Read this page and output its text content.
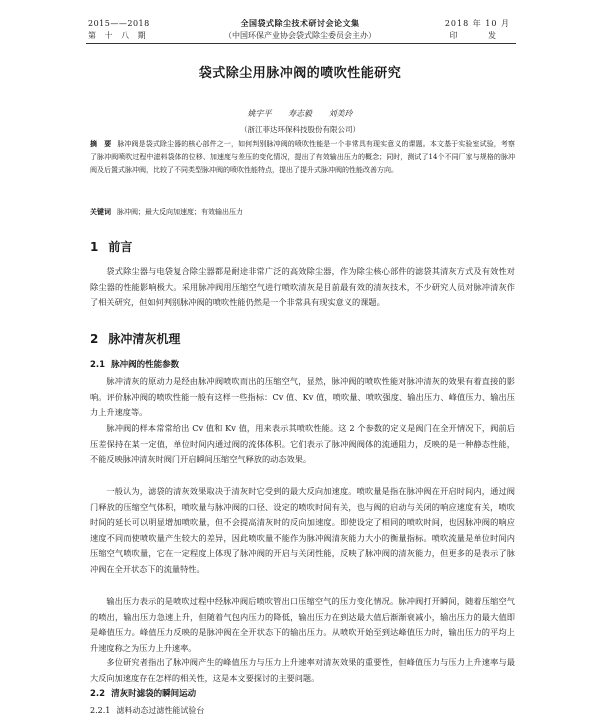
2015——2018
第 十 八 期
全国袋式除尘技术研讨会论文集
（中国环保产业协会袋式除尘委员会主办）
2018 年 10 月
印 发
袋式除尘用脉冲阀的喷吹性能研究
姚宇平 寿志毅 刘美玲
（浙江菲达环保科技股份有限公司）
摘　要 脉冲阀是袋式除尘器的核心部件之一，如何判别脉冲阀的喷吹性能是一个非常具有现实意义的课题。本文基于实验室试验，考察了脉冲阀喷吹过程中滤料袋体的位移、加速度与差压的变化情况，提出了有效输出压力的概念；同时，测试了14个不同厂家与规格的脉冲阀及后置式脉冲阀，比较了不同类型脉冲阀的喷吹性能特点，提出了提升式脉冲阀的性能改善方向。
关键词 脉冲阀；最大反向加速度；有效输出压力
1 前言

袋式除尘器与电袋复合除尘器都是耐途非常广泛的高效除尘器，作为除尘核心部件的滤袋其清灰方式及有效性对除尘器的性能影响极大。采用脉冲阀用压缩空气进行喷吹清灰是目前最有效的清灰技术，不少研究人员对脉冲清灰作了相关研究，但如何判别脉冲阀的喷吹性能仍然是一个非常具有现实意义的课题。

2 脉冲清灰机理
2.1 脉冲阀的性能参数

脉冲清灰的原动力是经由脉冲阀喷吹而出的压缩空气，显然，脉冲阀的喷吹性能对脉冲清灰的效果有着直接的影响。评价脉冲阀的喷吹性能一般有这样一些指标：Cv 值、Kv 值，喷吹量、喷吹强度、输出压力、峰值压力、输出压力上升速度等。

脉冲阀的样本常常给出 Cv 值和 Kv 值，用来表示其喷吹性能。这 2 个参数的定义是阀门在全开情况下，阀前后压差保持在某一定值，单位时间内通过阀的流体体积。它们表示了脉冲阀阀体的流通阻力，反映的是一种静态性能，不能反映脉冲清灰时阀门开启瞬间压缩空气释放的动态效果。

一般认为，滤袋的清灰效果取决于清灰时它受到的最大反向加速度。喷吹量是指在脉冲阀在开启时间内，通过阀门释放的压缩空气体积，喷吹量与脉冲阀的口径、设定的喷吹时间有关，也与阀的启动与关闭的响应速度有关，喷吹时间的延长可以明显增加喷吹量，但不会提高清灰时的反向加速度。即使设定了相同的喷吹时间，也因脉冲阀的响应速度不同而使喷吹量产生较大的差异，因此喷吹量不能作为脉冲阀清灰能力大小的衡量指标。喷吹流量是单位时间内压缩空气喷吹量，它在一定程度上体现了脉冲阀的开启与关闭性能，反映了脉冲阀的清灰能力，但更多的是表示了脉冲阀在全开状态下的流量特性。

输出压力表示的是喷吹过程中经脉冲阀后喷吹管出口压缩空气的压力变化情况。脉冲阀打开瞬间，随着压缩空气的喷出，输出压力急速上升，但随着气包内压力的降低，输出压力在到达最大值后渐渐衰减小，输出压力的最大值即是峰值压力。峰值压力反映的是脉冲阀在全开状态下的输出压力。从喷吹开始至到达峰值压力时，输出压力的平均上升速度称之为压力上升速率。

多位研究者指出了脉冲阀产生的峰值压力与压力上升速率对清灰效果的重要性，但峰值压力与压力上升速率与最大反向加速度存在怎样的相关性，这是本文要探讨的主要问题。

2.2 清灰时滤袋的瞬间运动
2.2.1 滤料动态过滤性能试验台
